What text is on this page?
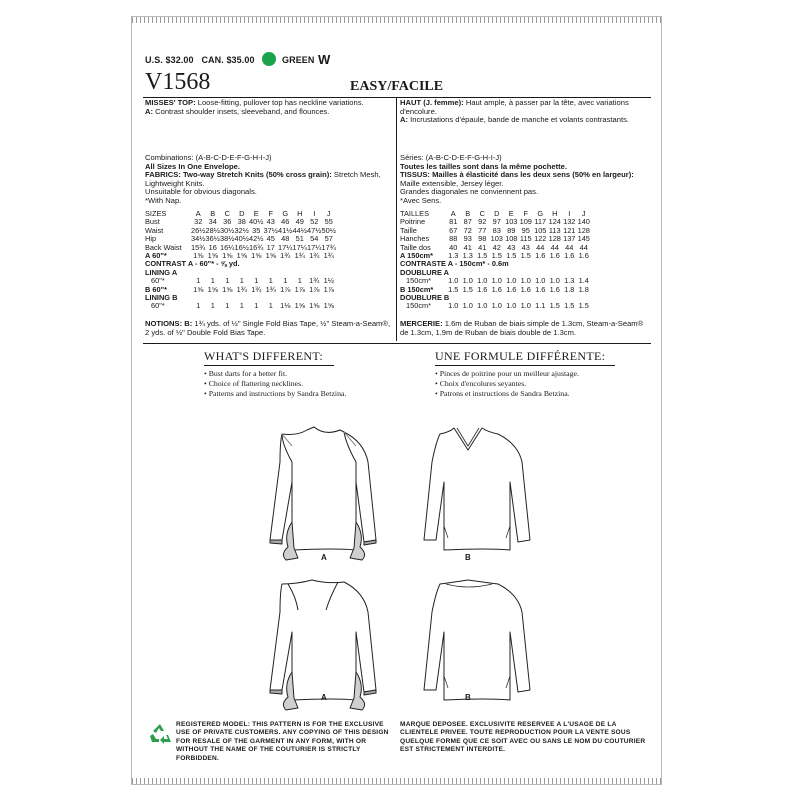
U.S. $32.00 CAN. $35.00	GREEN W
V1568	EASY/FACILE
MISSES' TOP: Loose-fitting, pullover top has neckline variations.
A: Contrast shoulder insets, sleeveband, and flounces.
Combinations: (A-B-C-D-E-F-G-H-I-J)
All Sizes In One Envelope.
FABRICS: Two-way Stretch Knits (50% cross grain): Stretch Mesh, Lightweight Knits.
Unsuitable for obvious diagonals.
*With Nap.
SIZES	A	B	C	D	E	F	G	H	I	J
Bust	32	34	36	38	40½	43	46	49	52	55
Waist	26½	28½	30½	32½	35	37½	41½	44½	47½	50½
Hip	34½	36½	38½	40½	42½	45	48	51	54	57
Back Waist	15¾	16	16¼	16½	16¾	17	17¼	17¼	17¼	17¾
A 60"*	1⅝	1⅝	1⅝	1⅝	1⅝	1⅝	1¾	1¾	1¾	1¾
CONTRAST A - 60"* - ⅝ yd.										
LINING A										
60"*	1	1	1	1	1	1	1	1	1¾	1½
B 60"*	1⅝	1⅝	1⅝	1¾	1¾	1¾	1⅞	1⅞	1⅞	1⅞
LINING B										
60"*	1	1	1	1	1	1	1⅛	1⅝	1⅝	1⅝
NOTIONS: B: 1¾ yds. of ½" Single Fold Bias Tape, ½" Steam-a-Seam®, 2 yds. of ½" Double Fold Bias Tape.
HAUT (J. femme): Haut ample, à passer par la tête, avec variations d'encolure.
A: Incrustations d'épaule, bande de manche et volants contrastants.
Séries: (A-B-C-D-E-F-G-H-I-J)
Toutes les tailles sont dans la même pochette.
TISSUS: Mailles à élasticité dans les deux sens (50% en largeur): Maille extensible, Jersey léger.
Grandes diagonales ne conviennent pas.
*Avec Sens.
TAILLES	A	B	C	D	E	F	G	H	I	J
Poitrine	81	87	92	97	103	109	117	124	132	140
Taille	67	72	77	83	89	95	105	113	121	128
Hanches	88	93	98	103	108	115	122	128	137	145
Taille dos	40	41	41	42	43	43	44	44	44	44
A 150cm*	1.3	1.3	1.5	1.5	1.5	1.5	1.6	1.6	1.6	1.6
CONTRASTE A - 150cm* - 0.6m										
DOUBLURE A										
150cm*	1.0	1.0	1.0	1.0	1.0	1.0	1.0	1.0	1.3	1.4
B 150cm*	1.5	1.5	1.6	1.6	1.6	1.6	1.6	1.6	1.8	1.8
DOUBLURE B										
150cm*	1.0	1.0	1.0	1.0	1.0	1.0	1.1	1.5	1.5	1.5
MERCERIE: 1.6m de Ruban de biais simple de 1.3cm, Steam-a-Seam® de 1.3cm, 1.9m de Ruban de biais double de 1.3cm.
WHAT'S DIFFERENT:
• Bust darts for a better fit.
• Choice of flattering necklines.
• Patterns and instructions by Sandra Betzina.
UNE FORMULE DIFFÉRENTE:
• Pinces de poitrine pour un meilleur ajustage.
• Choix d'encolures seyantes.
• Patrons et instructions de Sandra Betzina.
A	B
A	B
REGISTERED MODEL: THIS PATTERN IS FOR THE EXCLUSIVE USE OF PRIVATE CUSTOMERS. ANY COPYING OF THIS DESIGN FOR RESALE OF THE GARMENT IN ANY FORM, WITH OR WITHOUT THE NAME OF THE COUTURIER IS STRICTLY FORBIDDEN.
MARQUE DEPOSEE. EXCLUSIVITE RESERVEE A L'USAGE DE LA CLIENTELE PRIVEE. TOUTE REPRODUCTION POUR LA VENTE SOUS QUELQUE FORME QUE CE SOIT AVEC OU SANS LE NOM DU COUTURIER EST STRICTEMENT INTERDITE.
